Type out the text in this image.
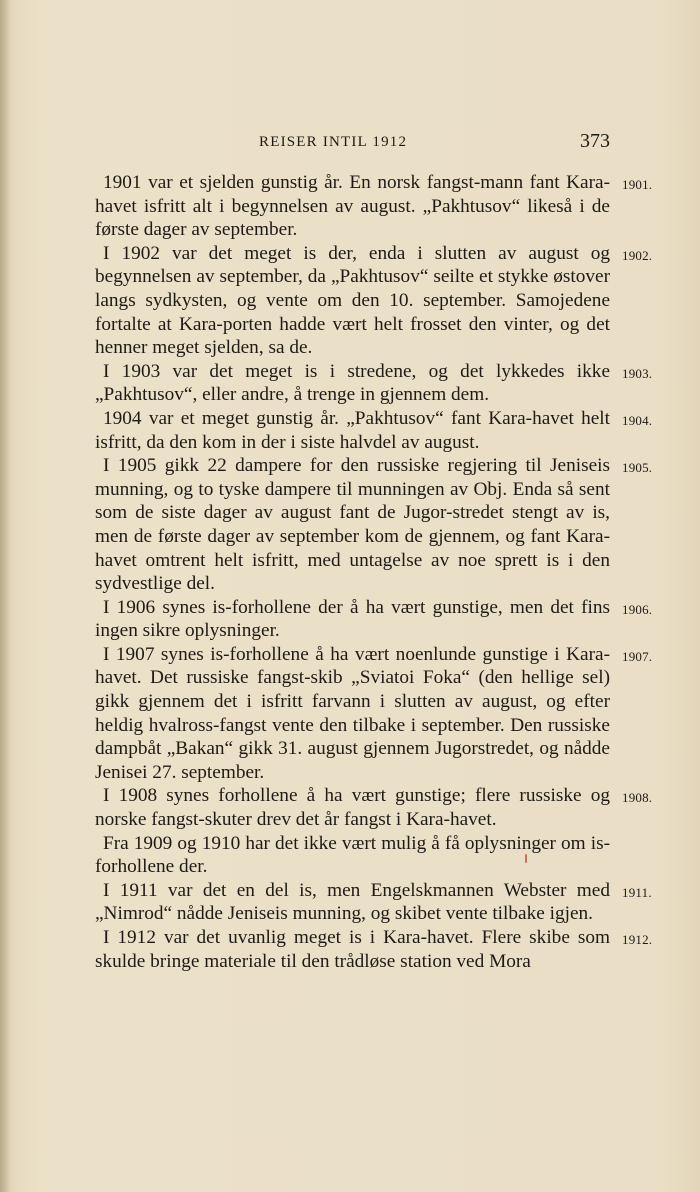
REISER INTIL 1912	373

1901 var et sjelden gunstig år. En norsk fangst-mann fant Kara-havet isfritt alt i begynnelsen av august. „Pakhtusov“ likeså i de første dager av september.

1901.

I 1902 var det meget is der, enda i slutten av august og begynnelsen av september, da „Pakhtusov“ seilte et stykke østover langs sydkysten, og vente om den 10. september. Samojedene fortalte at Kara-porten hadde vært helt frosset den vinter, og det henner meget sjelden, sa de.

1902.

I 1903 var det meget is i stredene, og det lykkedes ikke „Pakhtusov“, eller andre, å trenge in gjennem dem.

1903.

1904 var et meget gunstig år. „Pakhtusov“ fant Kara-havet helt isfritt, da den kom in der i siste halvdel av august.

1904.

I 1905 gikk 22 dampere for den russiske regjering til Jeniseis munning, og to tyske dampere til munningen av Obj. Enda så sent som de siste dager av august fant de Jugor-stredet stengt av is, men de første dager av september kom de gjennem, og fant Kara-havet omtrent helt isfritt, med untagelse av noe sprett is i den sydvestlige del.

1905.

I 1906 synes is-forhollene der å ha vært gunstige, men det fins ingen sikre oplysninger.

1906.

I 1907 synes is-forhollene å ha vært noenlunde gunstige i Kara-havet. Det russiske fangst-skib „Sviatoi Foka“ (den hellige sel) gikk gjennem det i isfritt farvann i slutten av august, og efter heldig hvalross-fangst vente den tilbake i september. Den russiske dampbåt „Bakan“ gikk 31. august gjennem Jugorstredet, og nådde Jenisei 27. september.

1907.

I 1908 synes forhollene å ha vært gunstige; flere russiske og norske fangst-skuter drev det år fangst i Kara-havet.

1908.

Fra 1909 og 1910 har det ikke vært mulig å få oplysninger om is-forhollene der.

I 1911 var det en del is, men Engelskmannen Webster med „Nimrod“ nådde Jeniseis munning, og skibet vente tilbake igjen.

1911.

I 1912 var det uvanlig meget is i Kara-havet. Flere skibe som skulde bringe materiale til den trådløse station ved Mora

1912.
